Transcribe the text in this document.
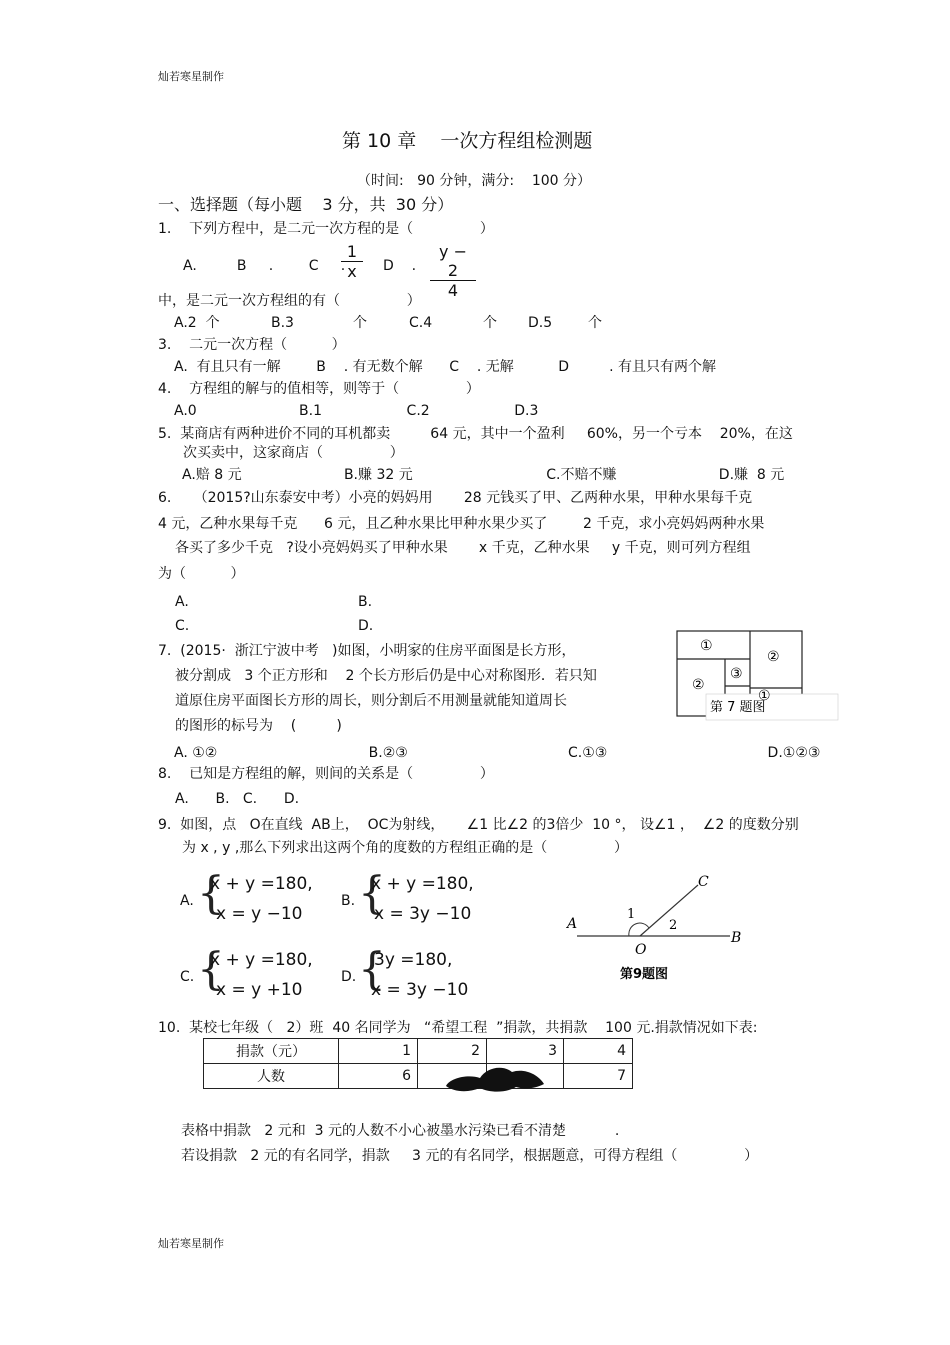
灿若寒星制作
灿若寒星制作
第 10 章    一次方程组检测题
（时间:   90 分钟，满分:    100 分）
一、选择题（每小题    3 分，共  30 分）
1.    下列方程中，是二元一次方程的是（               ）
A.         B     .        C     .
$\frac{1}{x}$ D    . $\frac{y - 2}{4}$
中，是二元一次方程组的有（               ）
A.2  个	B.3	个	C.4	个 D.5	个
3.    二元一次方程（          ）
A.  有且只有一解        B    . 有无数个解      C    . 无解          D         . 有且只有两个解
4.    方程组的解与的值相等，则等于（               ）
A.0                       B.1                   C.2                   D.3
5.  某商店有两种进价不同的耳机都卖         64 元，其中一个盈利     60%，另一个亏本    20%，在这
次买卖中，这家商店（               ）
A.赔 8 元                       B.赚 32 元                              C.不赔不赚                       D.赚  8 元
6.     （2015?山东泰安中考）小亮的妈妈用       28 元钱买了甲、乙两种水果，甲种水果每千克
4 元，乙种水果每千克      6 元，且乙种水果比甲种水果少买了        2 千克，求小亮妈妈两种水果
各买了多少千克   ?设小亮妈妈买了甲种水果       x 千克，乙种水果     y 千克，则可列方程组
为（          ）
A.	B.
C.	D.
7.  (2015·  浙江宁波中考   )如图，小明家的住房平面图是长方形，
被分割成   3 个正方形和    2 个长方形后仍是中心对称图形．若只知
道原住房平面图长方形的周长，则分割后不用测量就能知道周长
的图形的标号为    (         )
A. ①②                                  B.②③                                    C.①③                                    D.①②③
①
②
③
②
①
第 7 题图
8.    已知是方程组的解，则间的关系是（               ）
A.      B.   C.      D.
9.  如图，点   O在直线  AB上，  OC为射线，     ∠1 比∠2 的3倍少  10 °， 设∠1 ，  ∠2 的度数分别
为 x , y ,那么下列求出这两个角的度数的方程组正确的是（               ）
A. {
x + y =180,
x = y −10
B. {
x + y =180,
x = 3y −10
C. {
x + y =180,
x = y +10
D. {
3y =180,
x = 3y −10
A
B
C
O
1
2
第9题图
10.  某校七年级（   2）班  40 名同学为   “希望工程  ”捐款，共捐款    100 元.捐款情况如下表:
捐款（元）	1	2	3	4
人数	6			7
表格中捐款   2 元和  3 元的人数不小心被墨水污染已看不清楚           .
若设捐款   2 元的有名同学，捐款     3 元的有名同学，根据题意，可得方程组（               ）
